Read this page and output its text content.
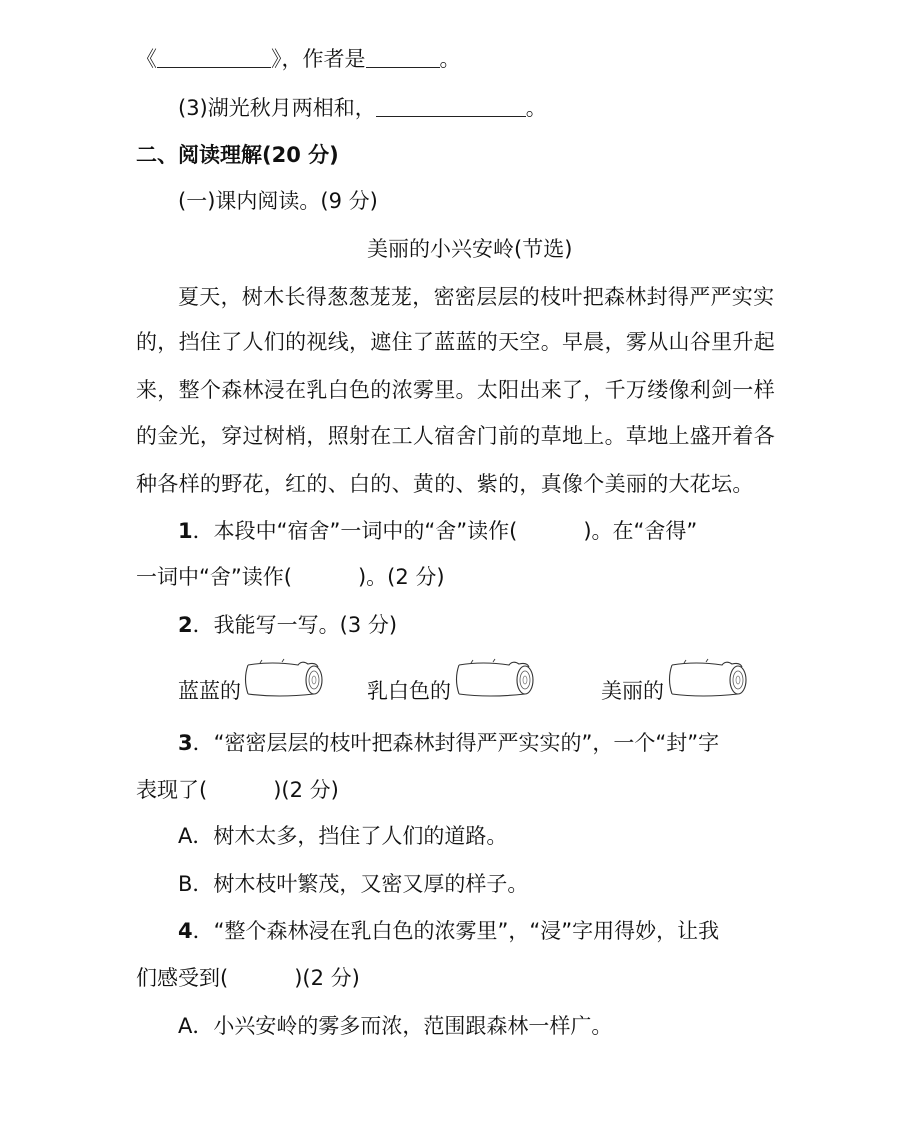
《	》，作者是	。
(3)湖光秋月两相和，	。
二、阅读理解(20 分)
(一)课内阅读。(9 分)
美丽的小兴安岭(节选)
夏天，树木长得葱葱茏茏，密密层层的枝叶把森林封得严严实实
的，挡住了人们的视线，遮住了蓝蓝的天空。早晨，雾从山谷里升起
来，整个森林浸在乳白色的浓雾里。太阳出来了，千万缕像利剑一样
的金光，穿过树梢，照射在工人宿舍门前的草地上。草地上盛开着各
种各样的野花，红的、白的、黄的、紫的，真像个美丽的大花坛。
1．本段中“宿舍”一词中的“舍”读作(	)。在“舍得”
一词中“舍”读作(	)。(2 分)
2．我能写一写。(3 分)
蓝蓝的	乳白色的	美丽的
3．“密密层层的枝叶把森林封得严严实实的”，一个“封”字
表现了(	)(2 分)
A．树木太多，挡住了人们的道路。
B．树木枝叶繁茂，又密又厚的样子。
4．“整个森林浸在乳白色的浓雾里”，“浸”字用得妙，让我
们感受到(	)(2 分)
A．小兴安岭的雾多而浓，范围跟森林一样广。
